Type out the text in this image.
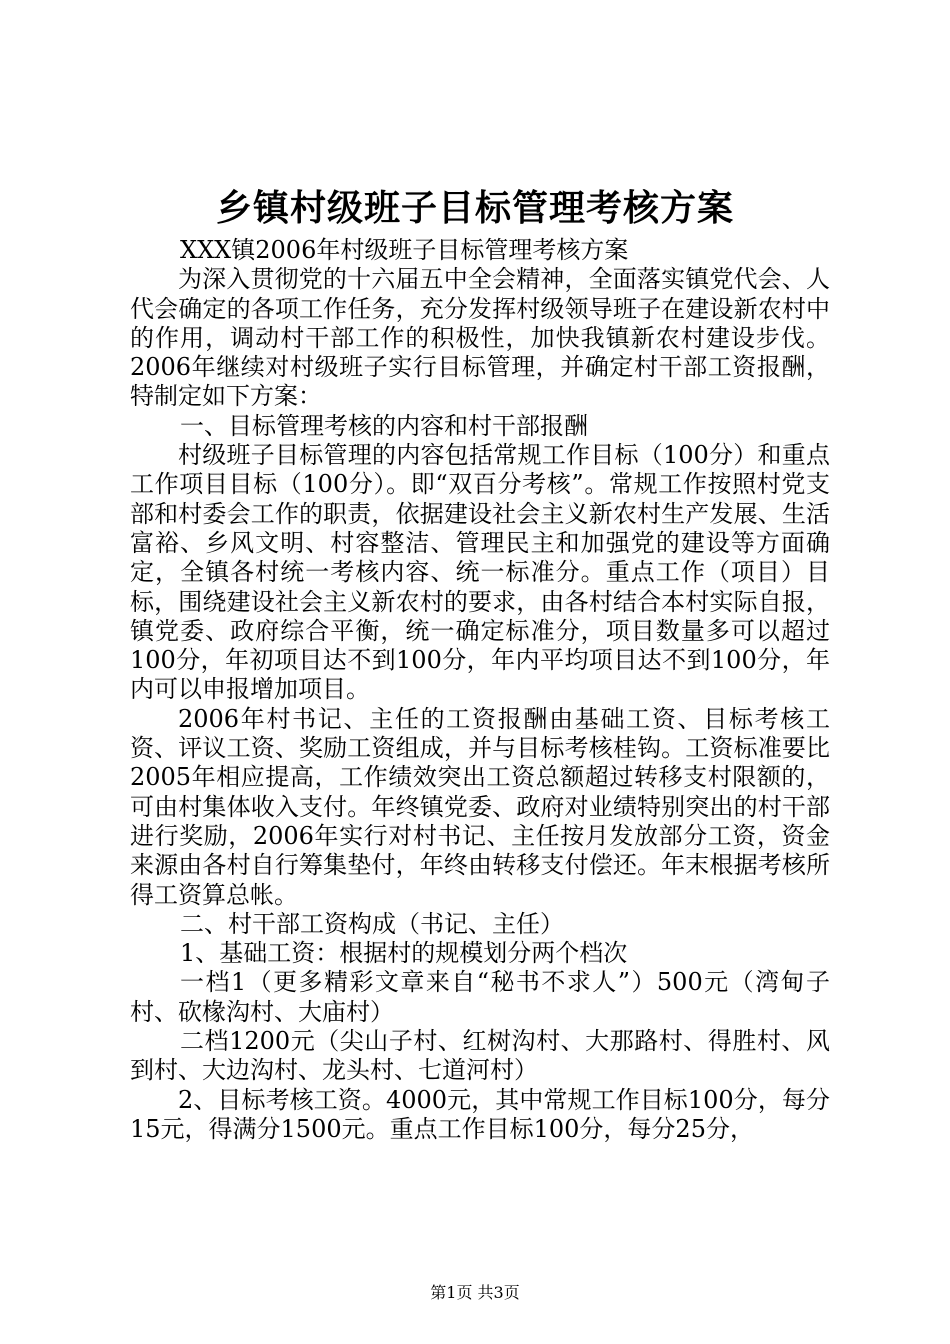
乡镇村级班子目标管理考核方案

XXX镇2006年村级班子目标管理考核方案

为深入贯彻党的十六届五中全会精神，全面落实镇党代会、人代会确定的各项工作任务，充分发挥村级领导班子在建设新农村中的作用，调动村干部工作的积极性，加快我镇新农村建设步伐。2006年继续对村级班子实行目标管理，并确定村干部工资报酬，特制定如下方案：

一、目标管理考核的内容和村干部报酬

村级班子目标管理的内容包括常规工作目标（100分）和重点工作项目目标（100分）。即“双百分考核”。常规工作按照村党支部和村委会工作的职责，依据建设社会主义新农村生产发展、生活富裕、乡风文明、村容整洁、管理民主和加强党的建设等方面确定，全镇各村统一考核内容、统一标准分。重点工作（项目）目标，围绕建设社会主义新农村的要求，由各村结合本村实际自报，镇党委、政府综合平衡，统一确定标准分，项目数量多可以超过100分，年初项目达不到100分，年内平均项目达不到100分，年内可以申报增加项目。

2006年村书记、主任的工资报酬由基础工资、目标考核工资、评议工资、奖励工资组成，并与目标考核桂钩。工资标准要比2005年相应提高，工作绩效突出工资总额超过转移支村限额的，可由村集体收入支付。年终镇党委、政府对业绩特别突出的村干部进行奖励，2006年实行对村书记、主任按月发放部分工资，资金来源由各村自行筹集垫付，年终由转移支付偿还。年末根据考核所得工资算总帐。

二、村干部工资构成（书记、主任）

1、基础工资：根据村的规模划分两个档次

一档1（更多精彩文章来自“秘书不求人”）500元（湾甸子村、砍椽沟村、大庙村）

二档1200元（尖山子村、红树沟村、大那路村、得胜村、风到村、大边沟村、龙头村、七道河村）

2、目标考核工资。4000元，其中常规工作目标100分，每分15元，得满分1500元。重点工作目标100分，每分25分，

第1页 共3页
